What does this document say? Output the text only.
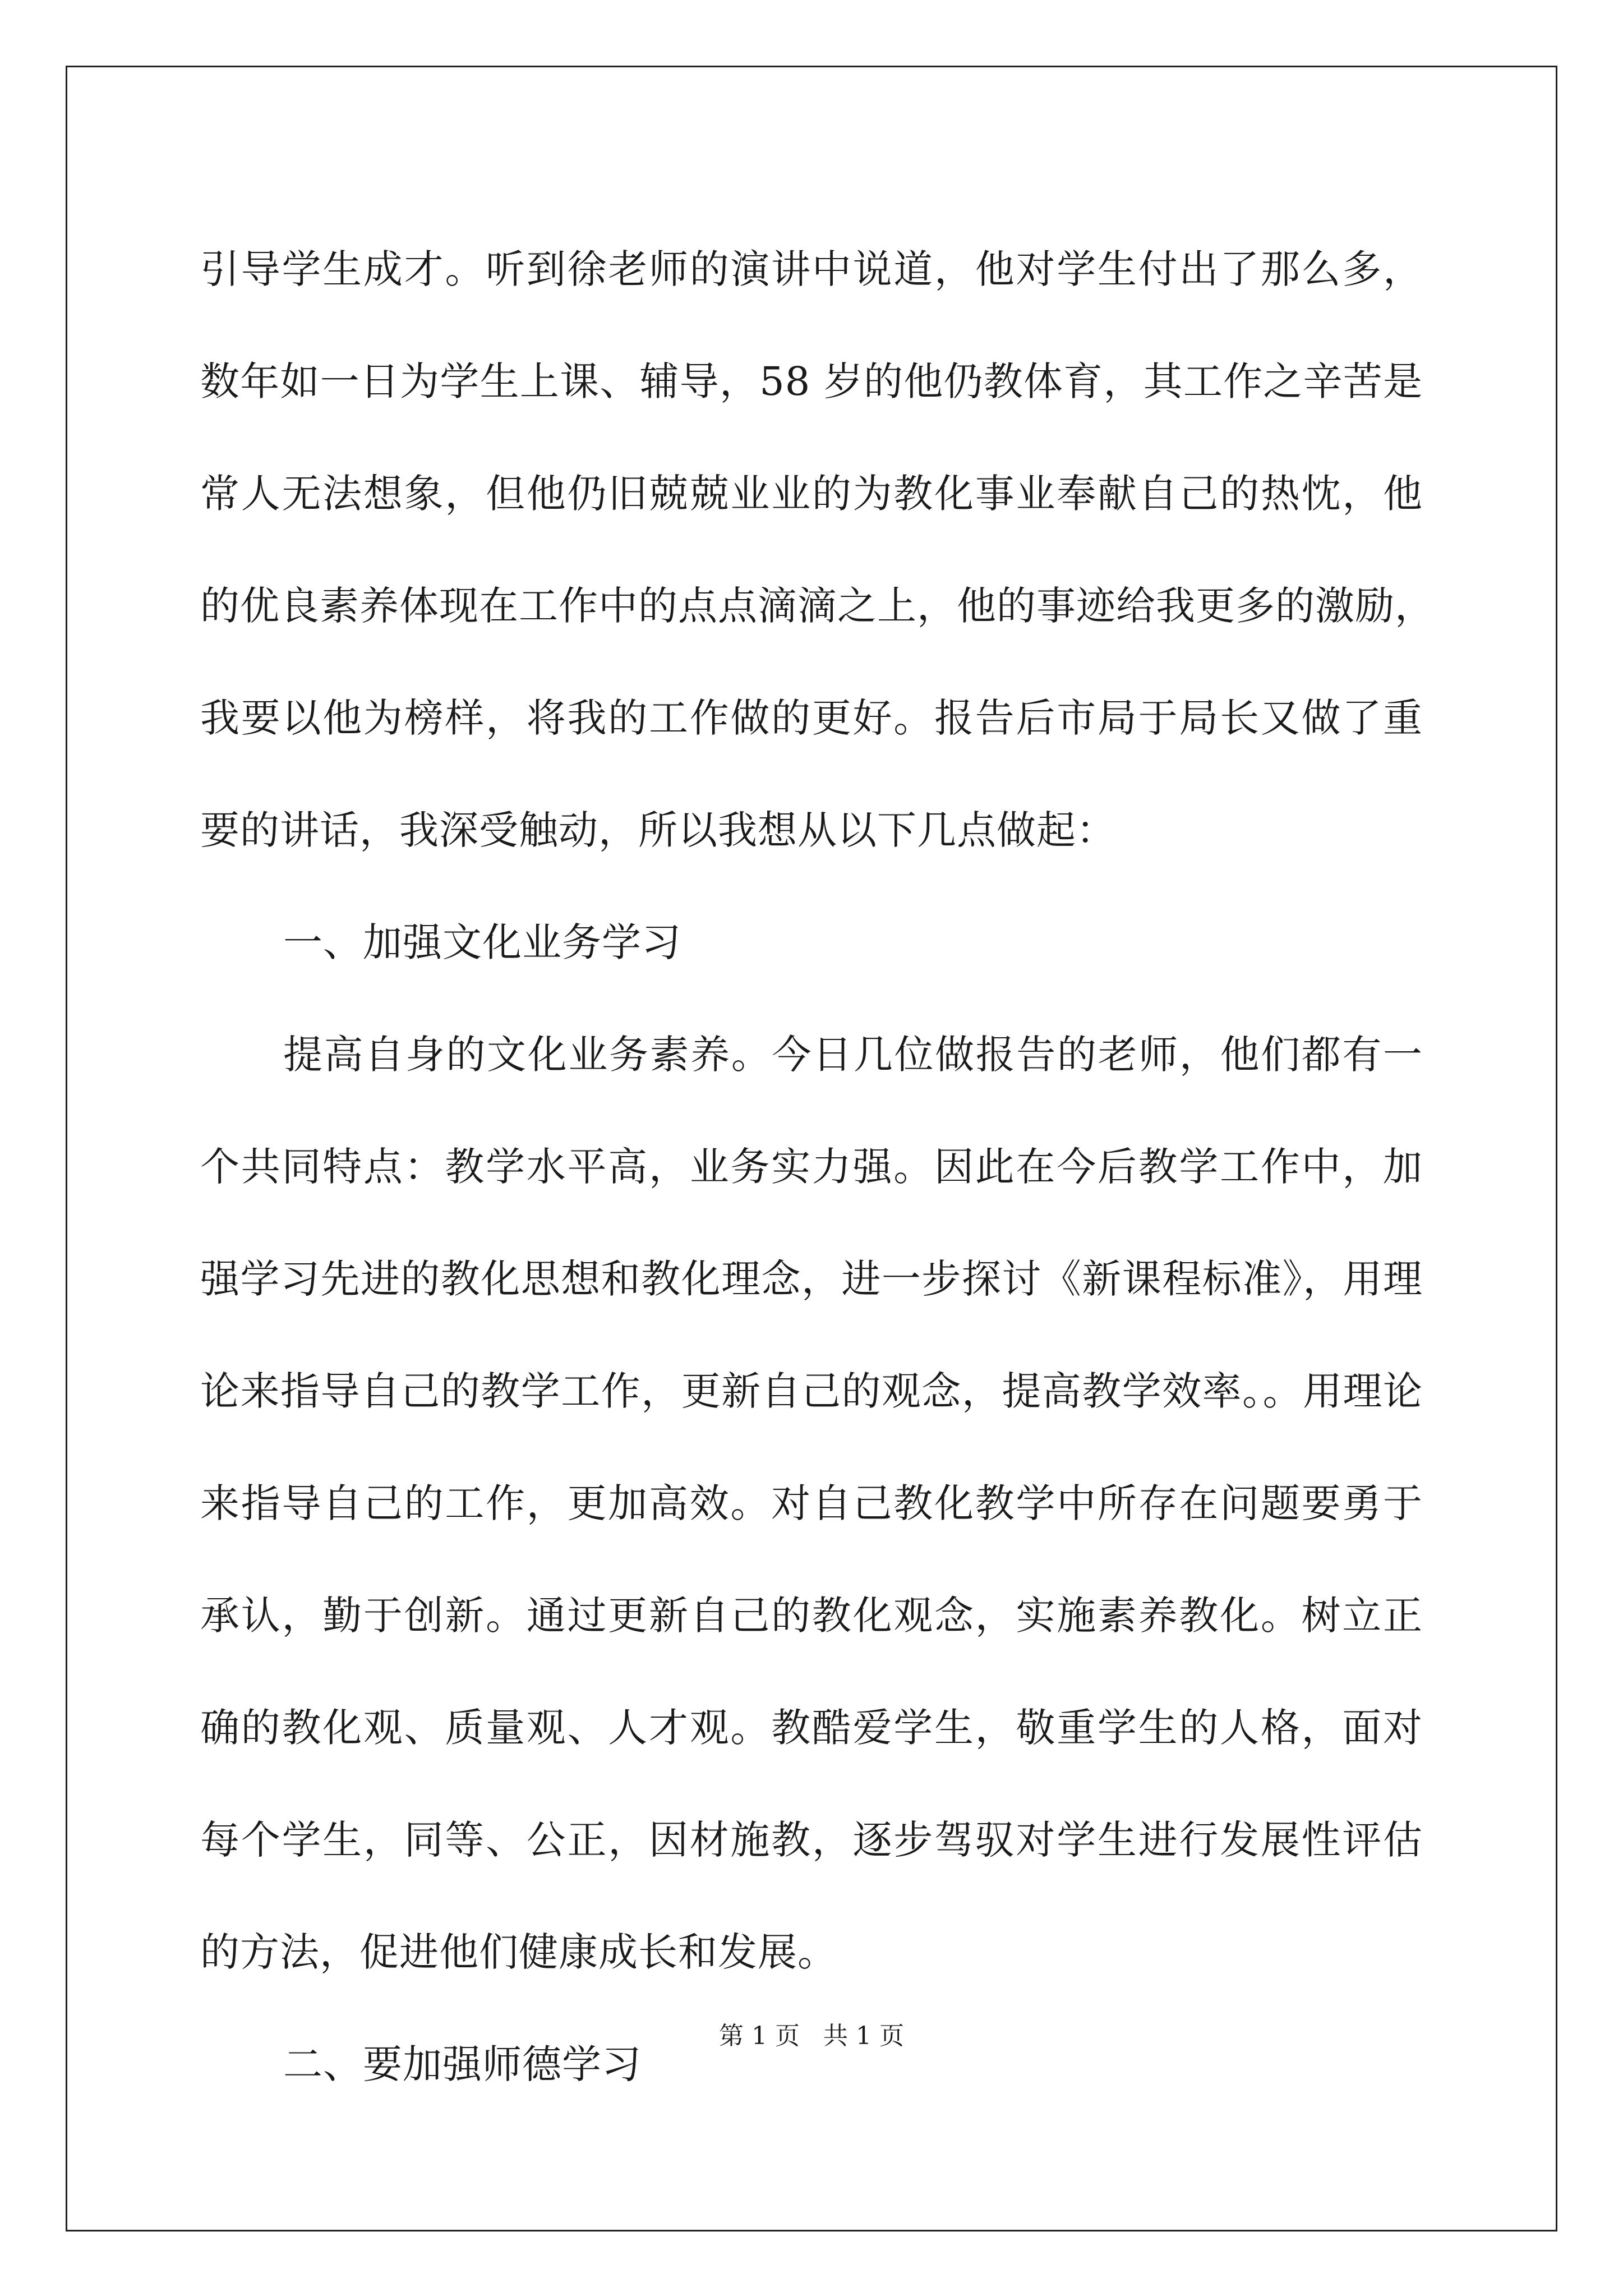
引导学生成才。听到徐老师的演讲中说道，他对学生付出了那么多，
数年如一日为学生上课、辅导，58 岁的他仍教体育，其工作之辛苦是
常人无法想象，但他仍旧兢兢业业的为教化事业奉献自己的热忱，他
的优良素养体现在工作中的点点滴滴之上，他的事迹给我更多的激励，
我要以他为榜样，将我的工作做的更好。报告后市局于局长又做了重
要的讲话，我深受触动，所以我想从以下几点做起：
一、加强文化业务学习
提高自身的文化业务素养。今日几位做报告的老师，他们都有一
个共同特点：教学水平高，业务实力强。因此在今后教学工作中，加
强学习先进的教化思想和教化理念，进一步探讨《新课程标准》，用理
论来指导自己的教学工作，更新自己的观念，提高教学效率。。用理论
来指导自己的工作，更加高效。对自己教化教学中所存在问题要勇于
承认，勤于创新。通过更新自己的教化观念，实施素养教化。树立正
确的教化观、质量观、人才观。教酷爱学生，敬重学生的人格，面对
每个学生，同等、公正，因材施教，逐步驾驭对学生进行发展性评估
的方法，促进他们健康成长和发展。
二、要加强师德学习
第 1 页   共 1 页
